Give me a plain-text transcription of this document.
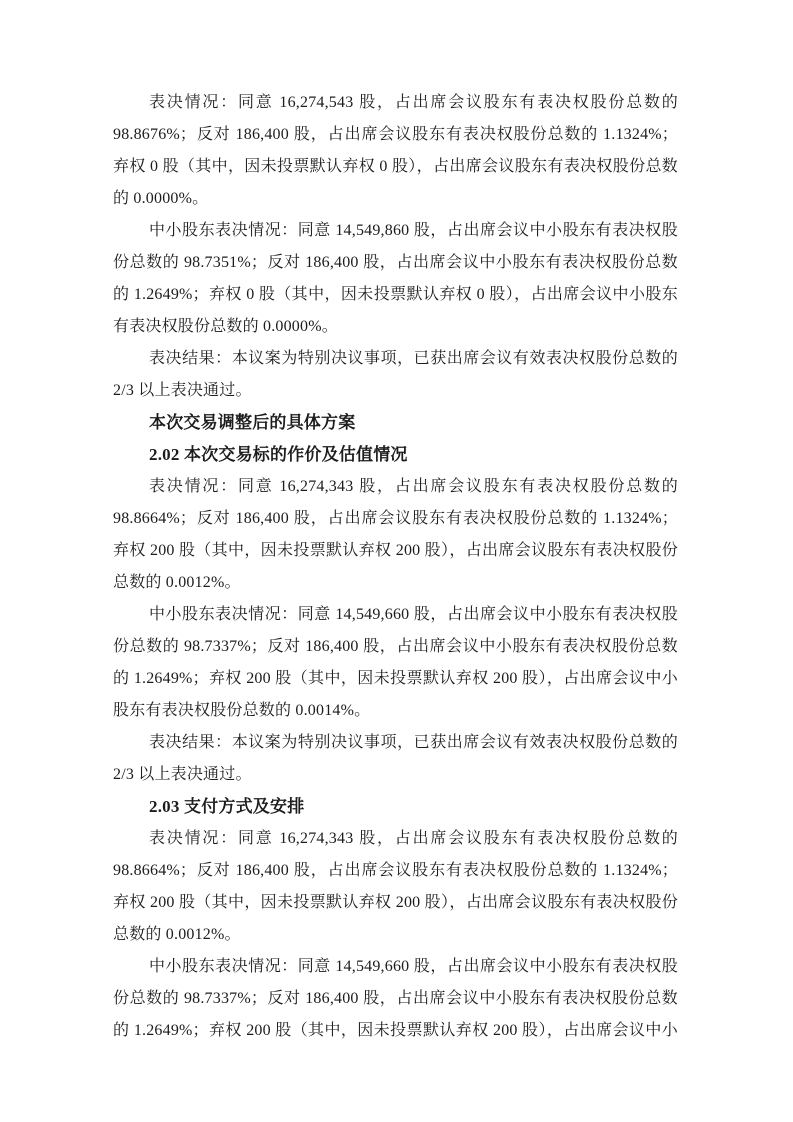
表决情况：同意 16,274,543 股，占出席会议股东有表决权股份总数的
98.8676%；反对 186,400 股，占出席会议股东有表决权股份总数的 1.1324%；
弃权 0 股（其中，因未投票默认弃权 0 股），占出席会议股东有表决权股份总数
的 0.0000%。
中小股东表决情况：同意 14,549,860 股，占出席会议中小股东有表决权股
份总数的 98.7351%；反对 186,400 股，占出席会议中小股东有表决权股份总数
的 1.2649%；弃权 0 股（其中，因未投票默认弃权 0 股），占出席会议中小股东
有表决权股份总数的 0.0000%。
表决结果：本议案为特别决议事项，已获出席会议有效表决权股份总数的
2/3 以上表决通过。
本次交易调整后的具体方案
2.02 本次交易标的作价及估值情况
表决情况：同意 16,274,343 股，占出席会议股东有表决权股份总数的
98.8664%；反对 186,400 股，占出席会议股东有表决权股份总数的 1.1324%；
弃权 200 股（其中，因未投票默认弃权 200 股），占出席会议股东有表决权股份
总数的 0.0012%。
中小股东表决情况：同意 14,549,660 股，占出席会议中小股东有表决权股
份总数的 98.7337%；反对 186,400 股，占出席会议中小股东有表决权股份总数
的 1.2649%；弃权 200 股（其中，因未投票默认弃权 200 股），占出席会议中小
股东有表决权股份总数的 0.0014%。
表决结果：本议案为特别决议事项，已获出席会议有效表决权股份总数的
2/3 以上表决通过。
2.03 支付方式及安排
表决情况：同意 16,274,343 股，占出席会议股东有表决权股份总数的
98.8664%；反对 186,400 股，占出席会议股东有表决权股份总数的 1.1324%；
弃权 200 股（其中，因未投票默认弃权 200 股），占出席会议股东有表决权股份
总数的 0.0012%。
中小股东表决情况：同意 14,549,660 股，占出席会议中小股东有表决权股
份总数的 98.7337%；反对 186,400 股，占出席会议中小股东有表决权股份总数
的 1.2649%；弃权 200 股（其中，因未投票默认弃权 200 股），占出席会议中小
